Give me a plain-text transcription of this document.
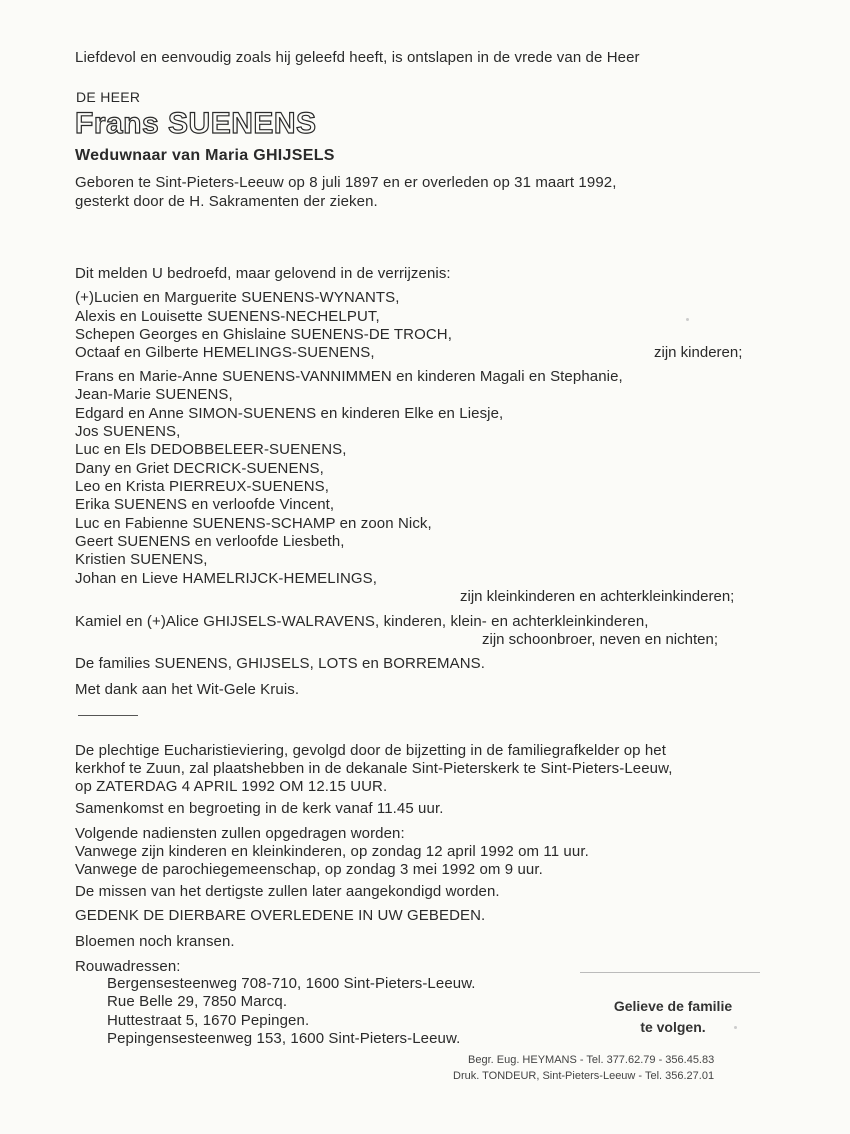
Liefdevol en eenvoudig zoals hij geleefd heeft, is ontslapen in de vrede van de Heer
DE HEER
Frans SUENENS
Weduwnaar van Maria GHIJSELS
Geboren te Sint-Pieters-Leeuw op 8 juli 1897 en er overleden op 31 maart 1992,
gesterkt door de H. Sakramenten der zieken.
Dit melden U bedroefd, maar gelovend in de verrijzenis:
(+)Lucien en Marguerite SUENENS-WYNANTS,
Alexis en Louisette SUENENS-NECHELPUT,
Schepen Georges en Ghislaine SUENENS-DE TROCH,
Octaaf en Gilberte HEMELINGS-SUENENS,	zijn kinderen;
Frans en Marie-Anne SUENENS-VANNIMMEN en kinderen Magali en Stephanie,
Jean-Marie SUENENS,
Edgard en Anne SIMON-SUENENS en kinderen Elke en Liesje,
Jos SUENENS,
Luc en Els DEDOBBELEER-SUENENS,
Dany en Griet DECRICK-SUENENS,
Leo en Krista PIERREUX-SUENENS,
Erika SUENENS en verloofde Vincent,
Luc en Fabienne SUENENS-SCHAMP en zoon Nick,
Geert SUENENS en verloofde Liesbeth,
Kristien SUENENS,
Johan en Lieve HAMELRIJCK-HEMELINGS,
zijn kleinkinderen en achterkleinkinderen;
Kamiel en (+)Alice GHIJSELS-WALRAVENS, kinderen, klein- en achterkleinkinderen,
zijn schoonbroer, neven en nichten;
De families SUENENS, GHIJSELS, LOTS en BORREMANS.
Met dank aan het Wit-Gele Kruis.
De plechtige Eucharistieviering, gevolgd door de bijzetting in de familiegrafkelder op het
kerkhof te Zuun, zal plaatshebben in de dekanale Sint-Pieterskerk te Sint-Pieters-Leeuw,
op ZATERDAG 4 APRIL 1992 OM 12.15 UUR.
Samenkomst en begroeting in de kerk vanaf 11.45 uur.
Volgende nadiensten zullen opgedragen worden:
Vanwege zijn kinderen en kleinkinderen, op zondag 12 april 1992 om 11 uur.
Vanwege de parochiegemeenschap, op zondag 3 mei 1992 om 9 uur.
De missen van het dertigste zullen later aangekondigd worden.
GEDENK DE DIERBARE OVERLEDENE IN UW GEBEDEN.
Bloemen noch kransen.
Rouwadressen:
Bergensesteenweg 708-710, 1600 Sint-Pieters-Leeuw.
Rue Belle 29, 7850 Marcq.
Huttestraat 5, 1670 Pepingen.
Pepingensesteenweg 153, 1600 Sint-Pieters-Leeuw.
Gelieve de familie
te volgen.
Begr. Eug. HEYMANS - Tel. 377.62.79 - 356.45.83
Druk. TONDEUR, Sint-Pieters-Leeuw - Tel. 356.27.01
